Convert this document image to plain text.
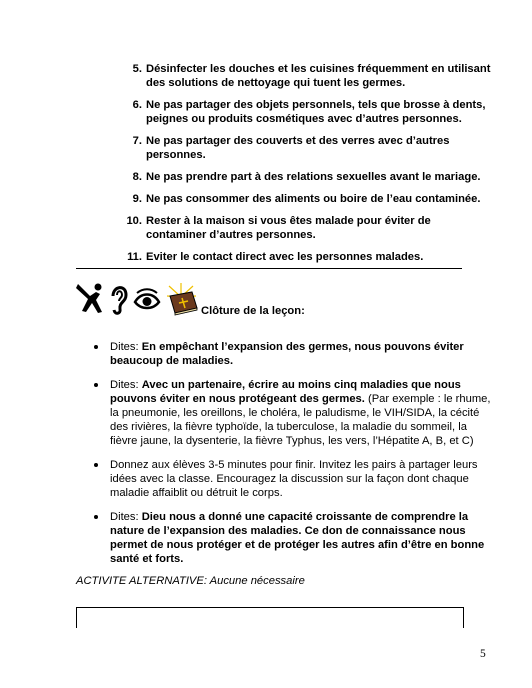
5. Désinfecter les douches et les cuisines fréquemment en utilisant des solutions de nettoyage qui tuent les germes.
6. Ne pas partager des objets personnels, tels que brosse à dents, peignes ou produits cosmétiques avec d’autres personnes.
7. Ne pas partager des couverts et des verres avec d’autres personnes.
8. Ne pas prendre part à des relations sexuelles avant le mariage.
9. Ne pas consommer des aliments ou boire de l’eau contaminée.
10. Rester à la maison si vous êtes malade pour éviter de contaminer d’autres personnes.
11. Eviter le contact direct avec les personnes malades.
Clôture de la leçon:
Dites: En empêchant l’expansion des germes, nous pouvons éviter beaucoup de maladies.
Dites: Avec un partenaire, écrire au moins cinq maladies que nous pouvons éviter en nous protégeant des germes. (Par exemple : le rhume, la pneumonie, les oreillons, le choléra, le paludisme, le VIH/SIDA, la cécité des rivières, la fièvre typhoïde, la tuberculose, la maladie du sommeil, la fièvre jaune, la dysenterie, la fièvre Typhus, les vers, l’Hépatite A, B, et C)
Donnez aux élèves 3-5 minutes pour finir. Invitez les pairs à partager leurs idées avec la classe. Encouragez la discussion sur la façon dont chaque maladie affaiblit ou détruit le corps.
Dites: Dieu nous a donné une capacité croissante de comprendre la nature de l’expansion des maladies. Ce don de connaissance nous permet de nous protéger et de protéger les autres afin d’être en bonne santé et forts.
ACTIVITE ALTERNATIVE: Aucune nécessaire
5
